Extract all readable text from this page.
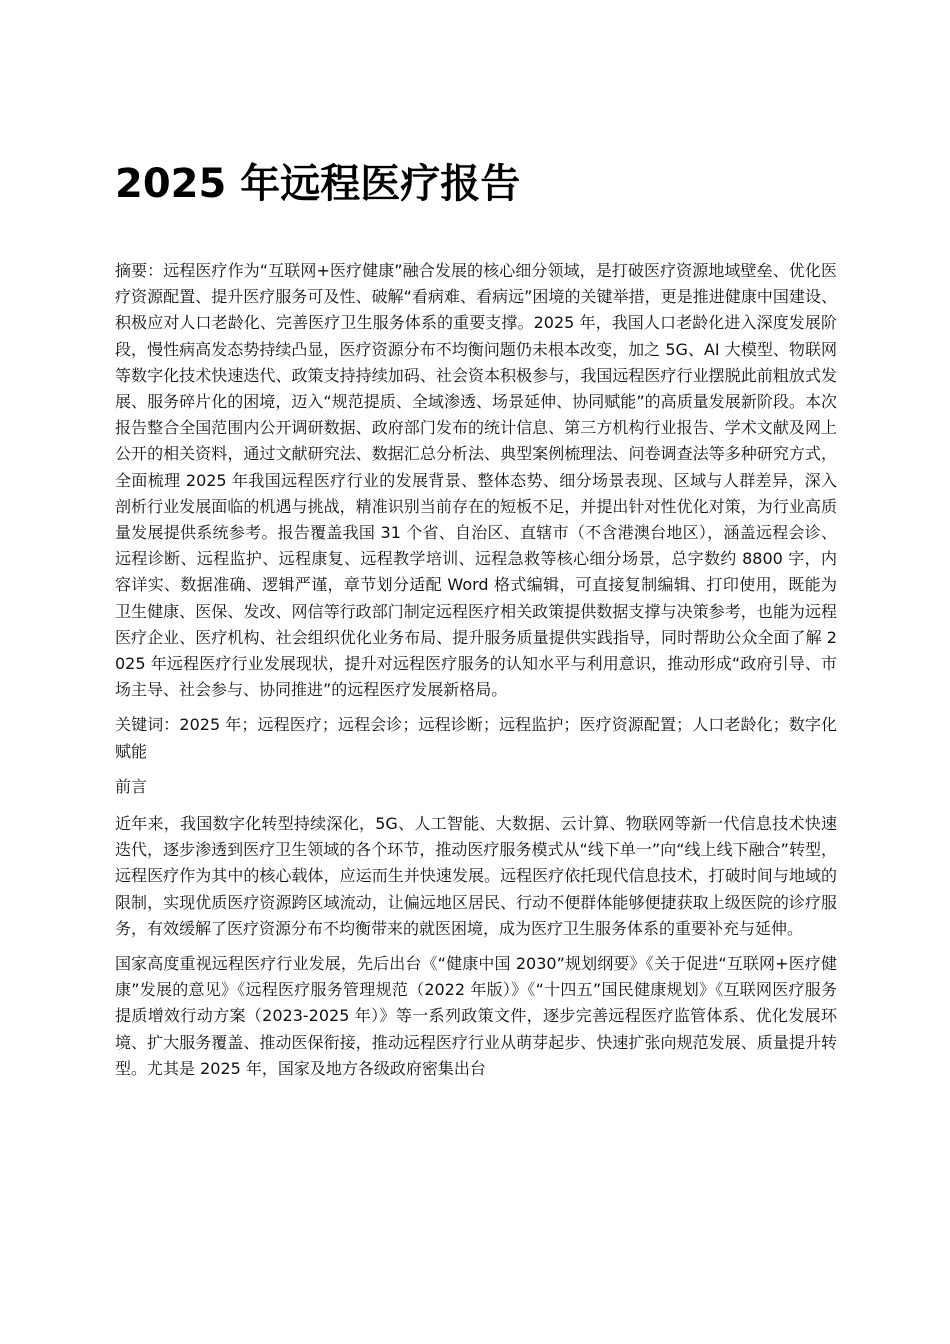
2025 年远程医疗报告

摘要：远程医疗作为“互联网+医疗健康”融合发展的核心细分领域，是打破医疗资源地域壁垒、优化医疗资源配置、提升医疗服务可及性、破解“看病难、看病远”困境的关键举措，更是推进健康中国建设、积极应对人口老龄化、完善医疗卫生服务体系的重要支撑。2025 年，我国人口老龄化进入深度发展阶段，慢性病高发态势持续凸显，医疗资源分布不均衡问题仍未根本改变，加之 5G、AI 大模型、物联网等数字化技术快速迭代、政策支持持续加码、社会资本积极参与，我国远程医疗行业摆脱此前粗放式发展、服务碎片化的困境，迈入“规范提质、全域渗透、场景延伸、协同赋能”的高质量发展新阶段。本次报告整合全国范围内公开调研数据、政府部门发布的统计信息、第三方机构行业报告、学术文献及网上公开的相关资料，通过文献研究法、数据汇总分析法、典型案例梳理法、问卷调查法等多种研究方式，全面梳理 2025 年我国远程医疗行业的发展背景、整体态势、细分场景表现、区域与人群差异，深入剖析行业发展面临的机遇与挑战，精准识别当前存在的短板不足，并提出针对性优化对策，为行业高质量发展提供系统参考。报告覆盖我国 31 个省、自治区、直辖市（不含港澳台地区），涵盖远程会诊、远程诊断、远程监护、远程康复、远程教学培训、远程急救等核心细分场景，总字数约 8800 字，内容详实、数据准确、逻辑严谨，章节划分适配 Word 格式编辑，可直接复制编辑、打印使用，既能为卫生健康、医保、发改、网信等行政部门制定远程医疗相关政策提供数据支撑与决策参考，也能为远程医疗企业、医疗机构、社会组织优化业务布局、提升服务质量提供实践指导，同时帮助公众全面了解 2025 年远程医疗行业发展现状，提升对远程医疗服务的认知水平与利用意识，推动形成“政府引导、市场主导、社会参与、协同推进”的远程医疗发展新格局。

关键词：2025 年；远程医疗；远程会诊；远程诊断；远程监护；医疗资源配置；人口老龄化；数字化赋能

前言

近年来，我国数字化转型持续深化，5G、人工智能、大数据、云计算、物联网等新一代信息技术快速迭代，逐步渗透到医疗卫生领域的各个环节，推动医疗服务模式从“线下单一”向“线上线下融合”转型，远程医疗作为其中的核心载体，应运而生并快速发展。远程医疗依托现代信息技术，打破时间与地域的限制，实现优质医疗资源跨区域流动，让偏远地区居民、行动不便群体能够便捷获取上级医院的诊疗服务，有效缓解了医疗资源分布不均衡带来的就医困境，成为医疗卫生服务体系的重要补充与延伸。

国家高度重视远程医疗行业发展，先后出台《“健康中国 2030”规划纲要》《关于促进“互联网+医疗健康”发展的意见》《远程医疗服务管理规范（2022 年版）》《“十四五”国民健康规划》《互联网医疗服务提质增效行动方案（2023-2025 年）》等一系列政策文件，逐步完善远程医疗监管体系、优化发展环境、扩大服务覆盖、推动医保衔接，推动远程医疗行业从萌芽起步、快速扩张向规范发展、质量提升转型。尤其是 2025 年，国家及地方各级政府密集出台
